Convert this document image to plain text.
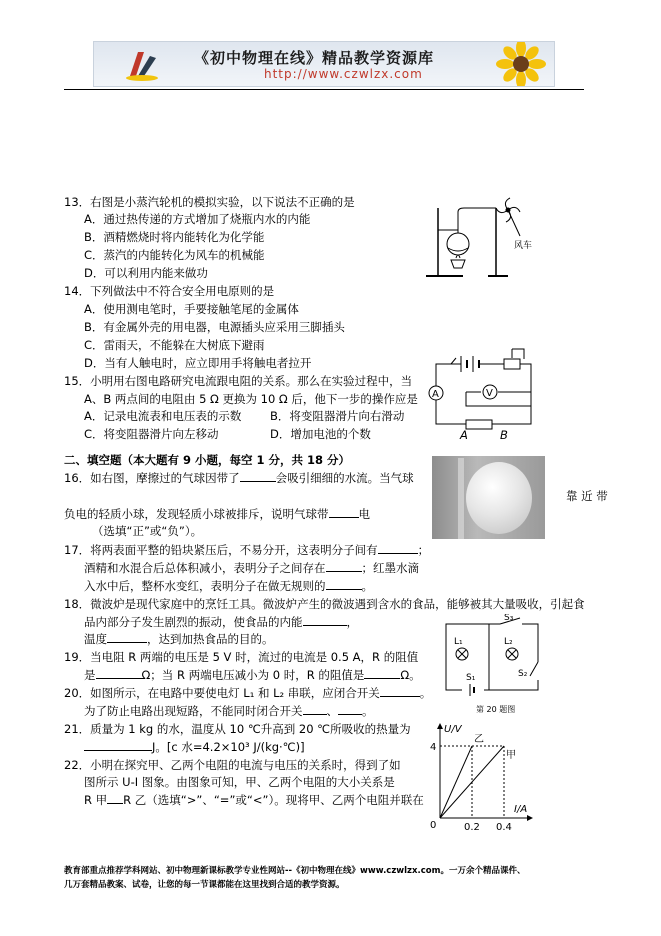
《初中物理在线》精品教学资源库
http://www.czwlzx.com
13．右图是小蒸汽轮机的模拟实验，以下说法不正确的是
A．通过热传递的方式增加了烧瓶内水的内能
B．酒精燃烧时将内能转化为化学能
C．蒸汽的内能转化为风车的机械能
D．可以利用内能来做功
风车
14．下列做法中不符合安全用电原则的是
A．使用测电笔时，手要接触笔尾的金属体
B．有金属外壳的用电器，电源插头应采用三脚插头
C．雷雨天，不能躲在大树底下避雨
D．当有人触电时，应立即用手将触电者拉开
A	V
A	B
15．小明用右图电路研究电流跟电阻的关系。那么在实验过程中，当
A、B 两点间的电阻由 5 Ω 更换为 10 Ω 后，他下一步的操作应是
A．记录电流表和电压表的示数 B．将变阻器滑片向右滑动
C．将变阻器滑片向左移动	D．增加电池的个数
二、填空题（本大题有 9 小题，每空 1 分，共 18 分）
16．如右图，摩擦过的气球因带了	会吸引细细的水流。当气球
靠 近 带
负电的轻质小球，发现轻质小球被排斥，说明气球带	电
（选填“正”或“负”）。
17．将两表面平整的铅块紧压后，不易分开，这表明分子间有	；
酒精和水混合后总体积减小，表明分子之间存在	；红墨水滴
入水中后，整杯水变红，表明分子在做无规则的	。
18．微波炉是现代家庭中的烹饪工具。微波炉产生的微波遇到含水的食品，能够被其大量吸收，引起食
品内部分子发生剧烈的振动，使食品的内能	，
温度	，达到加热食品的目的。
S₃
L₁	L₂
S₂
S₁
第 20 题图
19．当电阻 R 两端的电压是 5 V 时，流过的电流是 0.5 A，R 的阻值
是	Ω；当 R 两端电压减小为 0 时，R 的阻值是	Ω。
20．如图所示，在电路中要使电灯 L₁ 和 L₂ 串联，应闭合开关	。
为了防止电路出现短路，不能同时闭合开关 、 。
21．质量为 1 kg 的水，温度从 10 ℃升高到 20 ℃所吸收的热量为
J。[c 水=4.2×10³ J/(kg·℃)]
22．小明在探究甲、乙两个电阻的电流与电压的关系时，得到了如
图所示 U-I 图象。由图象可知，甲、乙两个电阻的大小关系是
R 甲 R 乙（选填“>”、“=”或“<”）。现将甲、乙两个电阻并联在
U/V
I/A
4
0.2 0.4
0
乙
甲
教育部重点推荐学科网站、初中物理新课标教学专业性网站--《初中物理在线》www.czwlzx.com。一万余个精品课件、
几万套精品教案、试卷，让您的每一节课都能在这里找到合适的教学资源。
